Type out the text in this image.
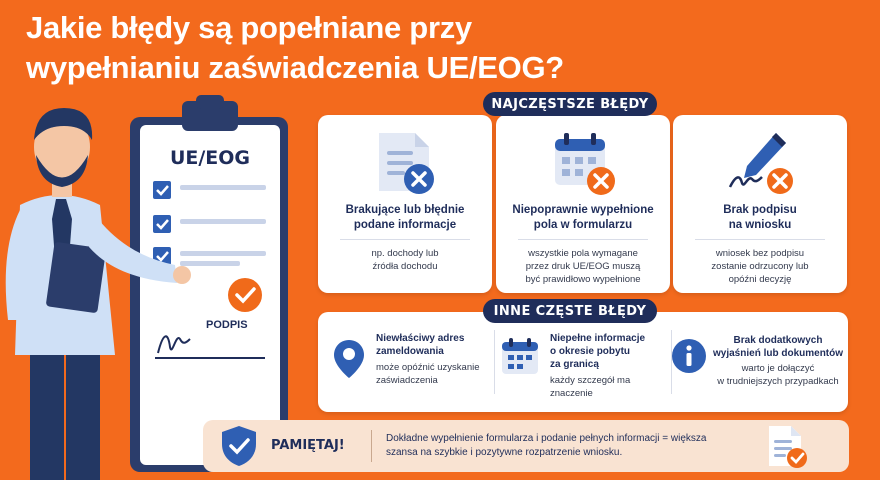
Jakie błędy są popełniane przy
wypełnianiu zaświadczenia UE/EOG?
UE/EOG
PODPIS
NAJCZĘSTSZE BŁĘDY
Brakujące lub błędnie
podane informacje
np. dochody lub
źródła dochodu
Niepoprawnie wypełnione
pola w formularzu
wszystkie pola wymagane
przez druk UE/EOG muszą
być prawidłowo wypełnione
Brak podpisu
na wniosku
wniosek bez podpisu
zostanie odrzucony lub
opóźni decyzję
INNE CZĘSTE BŁĘDY
Niewłaściwy adres
zameldowania
może opóźnić uzyskanie
zaświadczenia
Niepełne informacje
o okresie pobytu
za granicą
każdy szczegół ma
znaczenie
Brak dodatkowych
wyjaśnień lub dokumentów
warto je dołączyć
w trudniejszych przypadkach
PAMIĘTAJ!	Dokładne wypełnienie formularza i podanie pełnych informacji = większa
szansa na szybkie i pozytywne rozpatrzenie wniosku.
